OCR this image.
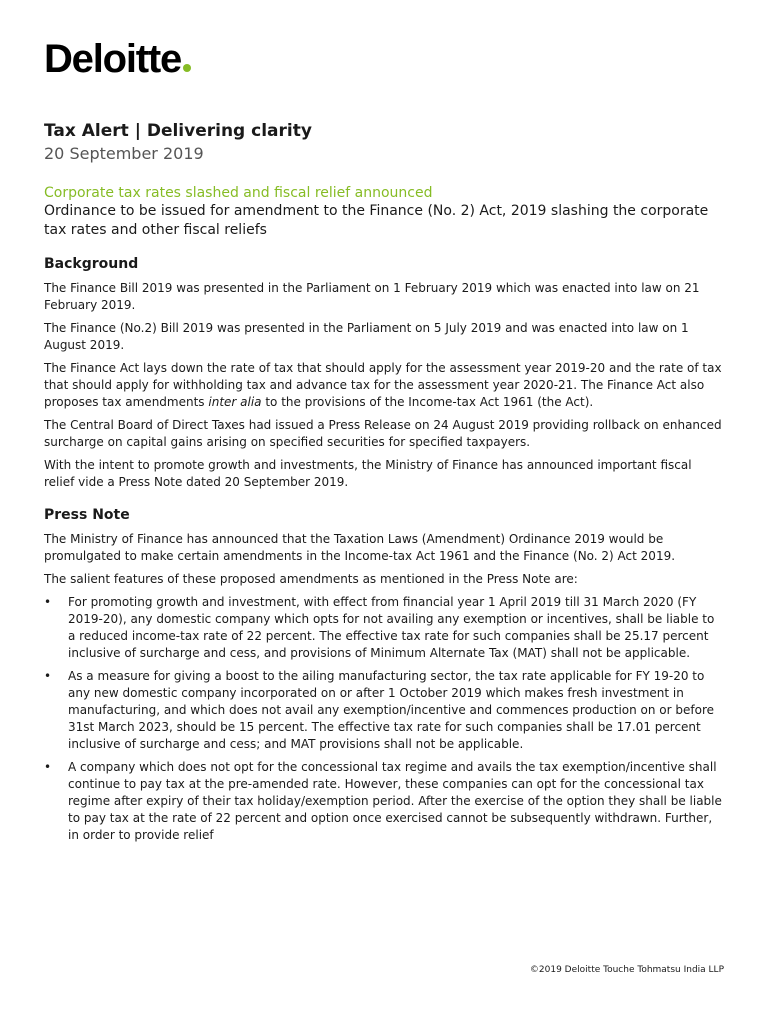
Deloitte
Tax Alert | Delivering clarity
20 September 2019
Corporate tax rates slashed and fiscal relief announced
Ordinance to be issued for amendment to the Finance (No. 2) Act, 2019 slashing the corporate tax rates and other fiscal reliefs
Background

The Finance Bill 2019 was presented in the Parliament on 1 February 2019 which was enacted into law on 21 February 2019.

The Finance (No.2) Bill 2019 was presented in the Parliament on 5 July 2019 and was enacted into law on 1 August 2019.

The Finance Act lays down the rate of tax that should apply for the assessment year 2019-20 and the rate of tax that should apply for withholding tax and advance tax for the assessment year 2020-21. The Finance Act also proposes tax amendments inter alia to the provisions of the Income-tax Act 1961 (the Act).

The Central Board of Direct Taxes had issued a Press Release on 24 August 2019 providing rollback on enhanced surcharge on capital gains arising on specified securities for specified taxpayers.

With the intent to promote growth and investments, the Ministry of Finance has announced important fiscal relief vide a Press Note dated 20 September 2019.

Press Note

The Ministry of Finance has announced that the Taxation Laws (Amendment) Ordinance 2019 would be promulgated to make certain amendments in the Income-tax Act 1961 and the Finance (No. 2) Act 2019.

The salient features of these proposed amendments as mentioned in the Press Note are:

• For promoting growth and investment, with effect from financial year 1 April 2019 till 31 March 2020 (FY 2019-20), any domestic company which opts for not availing any exemption or incentives, shall be liable to a reduced income-tax rate of 22 percent. The effective tax rate for such companies shall be 25.17 percent inclusive of surcharge and cess, and provisions of Minimum Alternate Tax (MAT) shall not be applicable.
• As a measure for giving a boost to the ailing manufacturing sector, the tax rate applicable for FY 19-20 to any new domestic company incorporated on or after 1 October 2019 which makes fresh investment in manufacturing, and which does not avail any exemption/incentive and commences production on or before 31st March 2023, should be 15 percent. The effective tax rate for such companies shall be 17.01 percent inclusive of surcharge and cess; and MAT provisions shall not be applicable.
• A company which does not opt for the concessional tax regime and avails the tax exemption/incentive shall continue to pay tax at the pre-amended rate. However, these companies can opt for the concessional tax regime after expiry of their tax holiday/exemption period. After the exercise of the option they shall be liable to pay tax at the rate of 22 percent and option once exercised cannot be subsequently withdrawn. Further, in order to provide relief
©2019 Deloitte Touche Tohmatsu India LLP
